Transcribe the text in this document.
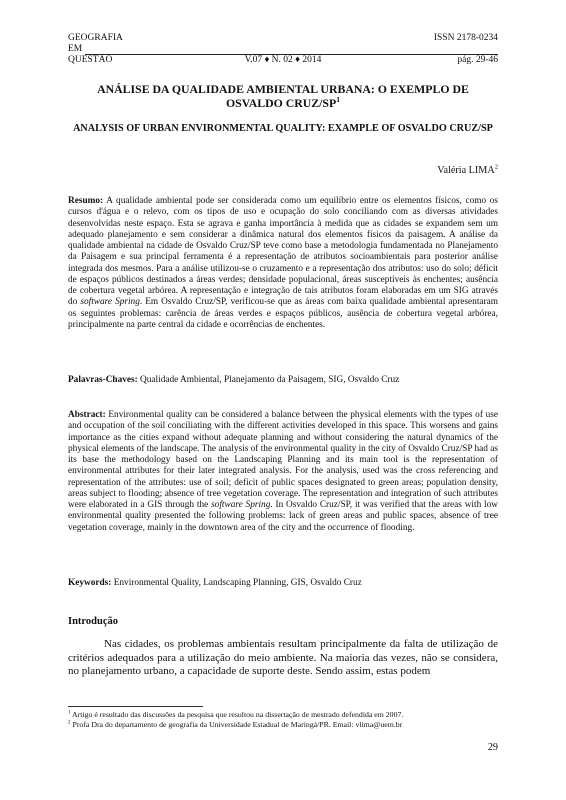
GEOGRAFIA	ISSN 2178-0234
EM
QUESTÃO	V.07 ♦ N. 02 ♦ 2014	pág. 29-46
ANÁLISE DA QUALIDADE AMBIENTAL URBANA: O EXEMPLO DE OSVALDO CRUZ/$SP^1$
ANALYSIS OF URBAN ENVIRONMENTAL QUALITY: EXAMPLE OF OSVALDO CRUZ/SP
Valéria LIMA$^2$
Resumo: A qualidade ambiental pode ser considerada como um equilíbrio entre os elementos físicos, como os cursos d'água e o relevo, com os tipos de uso e ocupação do solo conciliando com as diversas atividades desenvolvidas neste espaço. Esta se agrava e ganha importância à medida que as cidades se expandem sem um adequado planejamento e sem considerar a dinâmica natural dos elementos físicos da paisagem. A análise da qualidade ambiental na cidade de Osvaldo Cruz/SP teve como base a metodologia fundamentada no Planejamento da Paisagem e sua principal ferramenta é a representação de atributos socioambientais para posterior análise integrada dos mesmos. Para a análise utilizou-se o cruzamento e a representação dos atributos: uso do solo; déficit de espaços públicos destinados a áreas verdes; densidade populacional, áreas susceptíveis às enchentes; ausência de cobertura vegetal arbórea. A representação e integração de tais atributos foram elaboradas em um SIG através do software Spring. Em Osvaldo Cruz/SP, verificou-se que as áreas com baixa qualidade ambiental apresentaram os seguintes problemas: carência de áreas verdes e espaços públicos, ausência de cobertura vegetal arbórea, principalmente na parte central da cidade e ocorrências de enchentes.
Palavras-Chaves: Qualidade Ambiental, Planejamento da Paisagem, SIG, Osvaldo Cruz
Abstract: Environmental quality can be considered a balance between the physical elements with the types of use and occupation of the soil conciliating with the different activities developed in this space. This worsens and gains importance as the cities expand without adequate planning and without considering the natural dynamics of the physical elements of the landscape. The analysis of the environmental quality in the city of Osvaldo Cruz/SP had as its base the methodology based on the Landscaping Planning and its main tool is the representation of environmental attributes for their later integrated analysis. For the analysis, used was the cross referencing and representation of the attributes: use of soil; deficit of public spaces designated to green areas; population density, areas subject to flooding; absence of tree vegetation coverage. The representation and integration of such attributes were elaborated in a GIS through the software Spring. In Osvaldo Cruz/SP, it was verified that the areas with low environmental quality presented the following problems: lack of green areas and public spaces, absence of tree vegetation coverage, mainly in the downtown area of the city and the occurrence of flooding.
Keywords: Environmental Quality, Landscaping Planning, GIS, Osvaldo Cruz
Introdução
Nas cidades, os problemas ambientais resultam principalmente da falta de utilização de critérios adequados para a utilização do meio ambiente. Na maioria das vezes, não se considera, no planejamento urbano, a capacidade de suporte deste. Sendo assim, estas podem
$^1$ Artigo é resultado das discussões da pesquisa que resultou na dissertação de mestrado defendida em 2007.
$^2$ Profa Dra do departamento de geografia da Universidade Estadual de Maringá/PR. Email: vlima@uem.br
29
